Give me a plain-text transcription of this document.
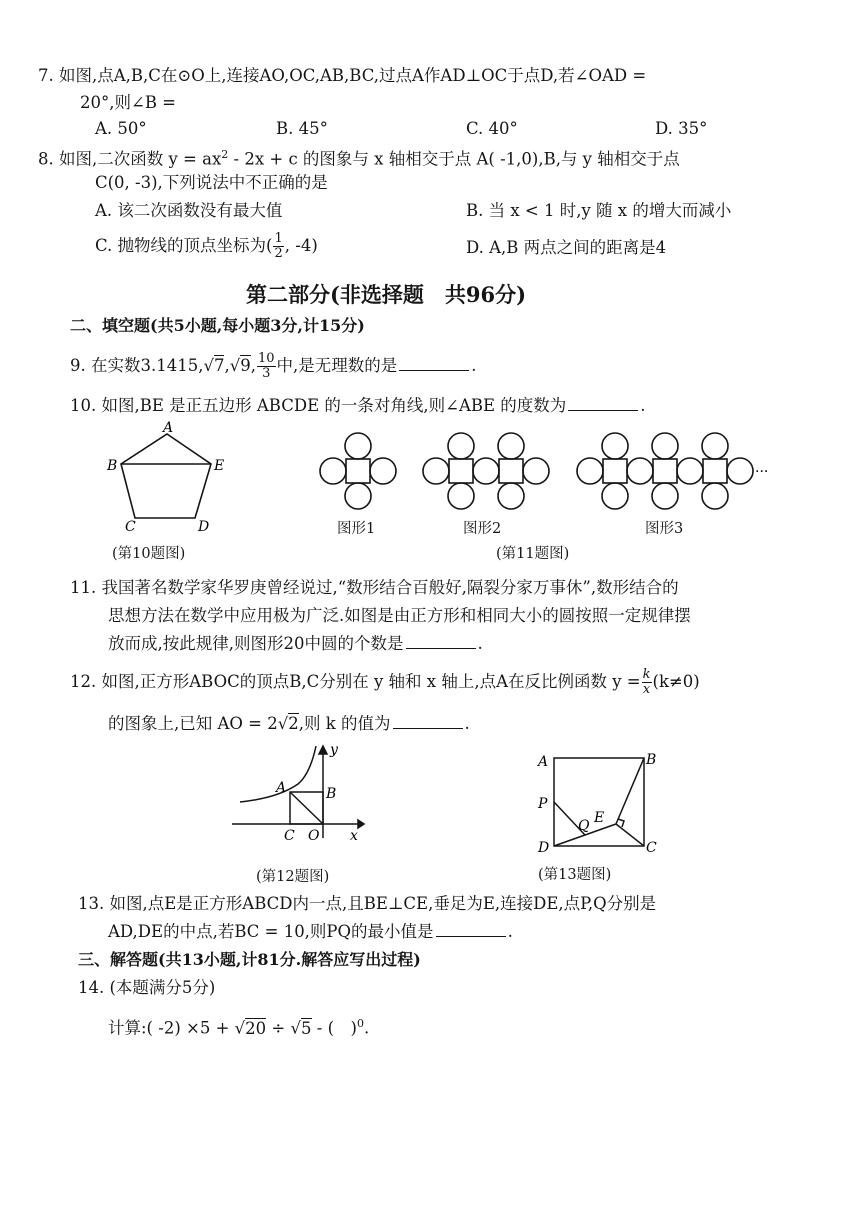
7. 如图,点A,B,C在⊙O上,连接AO,OC,AB,BC,过点A作AD⊥OC于点D,若∠OAD =
20°,则∠B =
A. 50°	B. 45°	C. 40°	D. 35°
8. 如图,二次函数 $y = ax^2 - 2x + c$ 的图象与 x 轴相交于点 A( -1,0),B,与 y 轴相交于点
C(0, -3),下列说法中不正确的是
A. 该二次函数没有最大值	B. 当 x < 1 时,y 随 x 的增大而减小
C. 抛物线的顶点坐标为( $\frac{1}{2}$ , -4)	D. A,B 两点之间的距离是4
第二部分(非选择题　共96分)
二、填空题(共5小题,每小题3分,计15分)
9. 在实数3.1415,√7,√9, $\frac{10}{3}$ 中,是无理数的是	.
10. 如图,BE 是正五边形 ABCDE 的一条对角线,则∠ABE 的度数为	.
A
B	E
C	D
(第10题图)
···
图形1	图形2	图形3
(第11题图)
11. 我国著名数学家华罗庚曾经说过,“数形结合百般好,隔裂分家万事休”,数形结合的
思想方法在数学中应用极为广泛.如图是由正方形和相同大小的圆按照一定规律摆
放而成,按此规律,则图形20中圆的个数是	.
12. 如图,正方形ABOC的顶点B,C分别在 y 轴和 x 轴上,点A在反比例函数 $y = \frac{k}{x} (k\ne 0)$
的图象上,已知 AO = 2√2,则 k 的值为	.
y
A	B
C O x
(第12题图)
A	B
P
Q E
D	C
(第13题图)
13. 如图,点E是正方形ABCD内一点,且BE⊥CE,垂足为E,连接DE,点P,Q分别是
AD,DE的中点,若BC = 10,则PQ的最小值是	.
三、解答题(共13小题,计81分.解答应写出过程)
14. (本题满分5分)
计算:( -2) ×5 + √20 ÷ √5 - (　)$^0$.
